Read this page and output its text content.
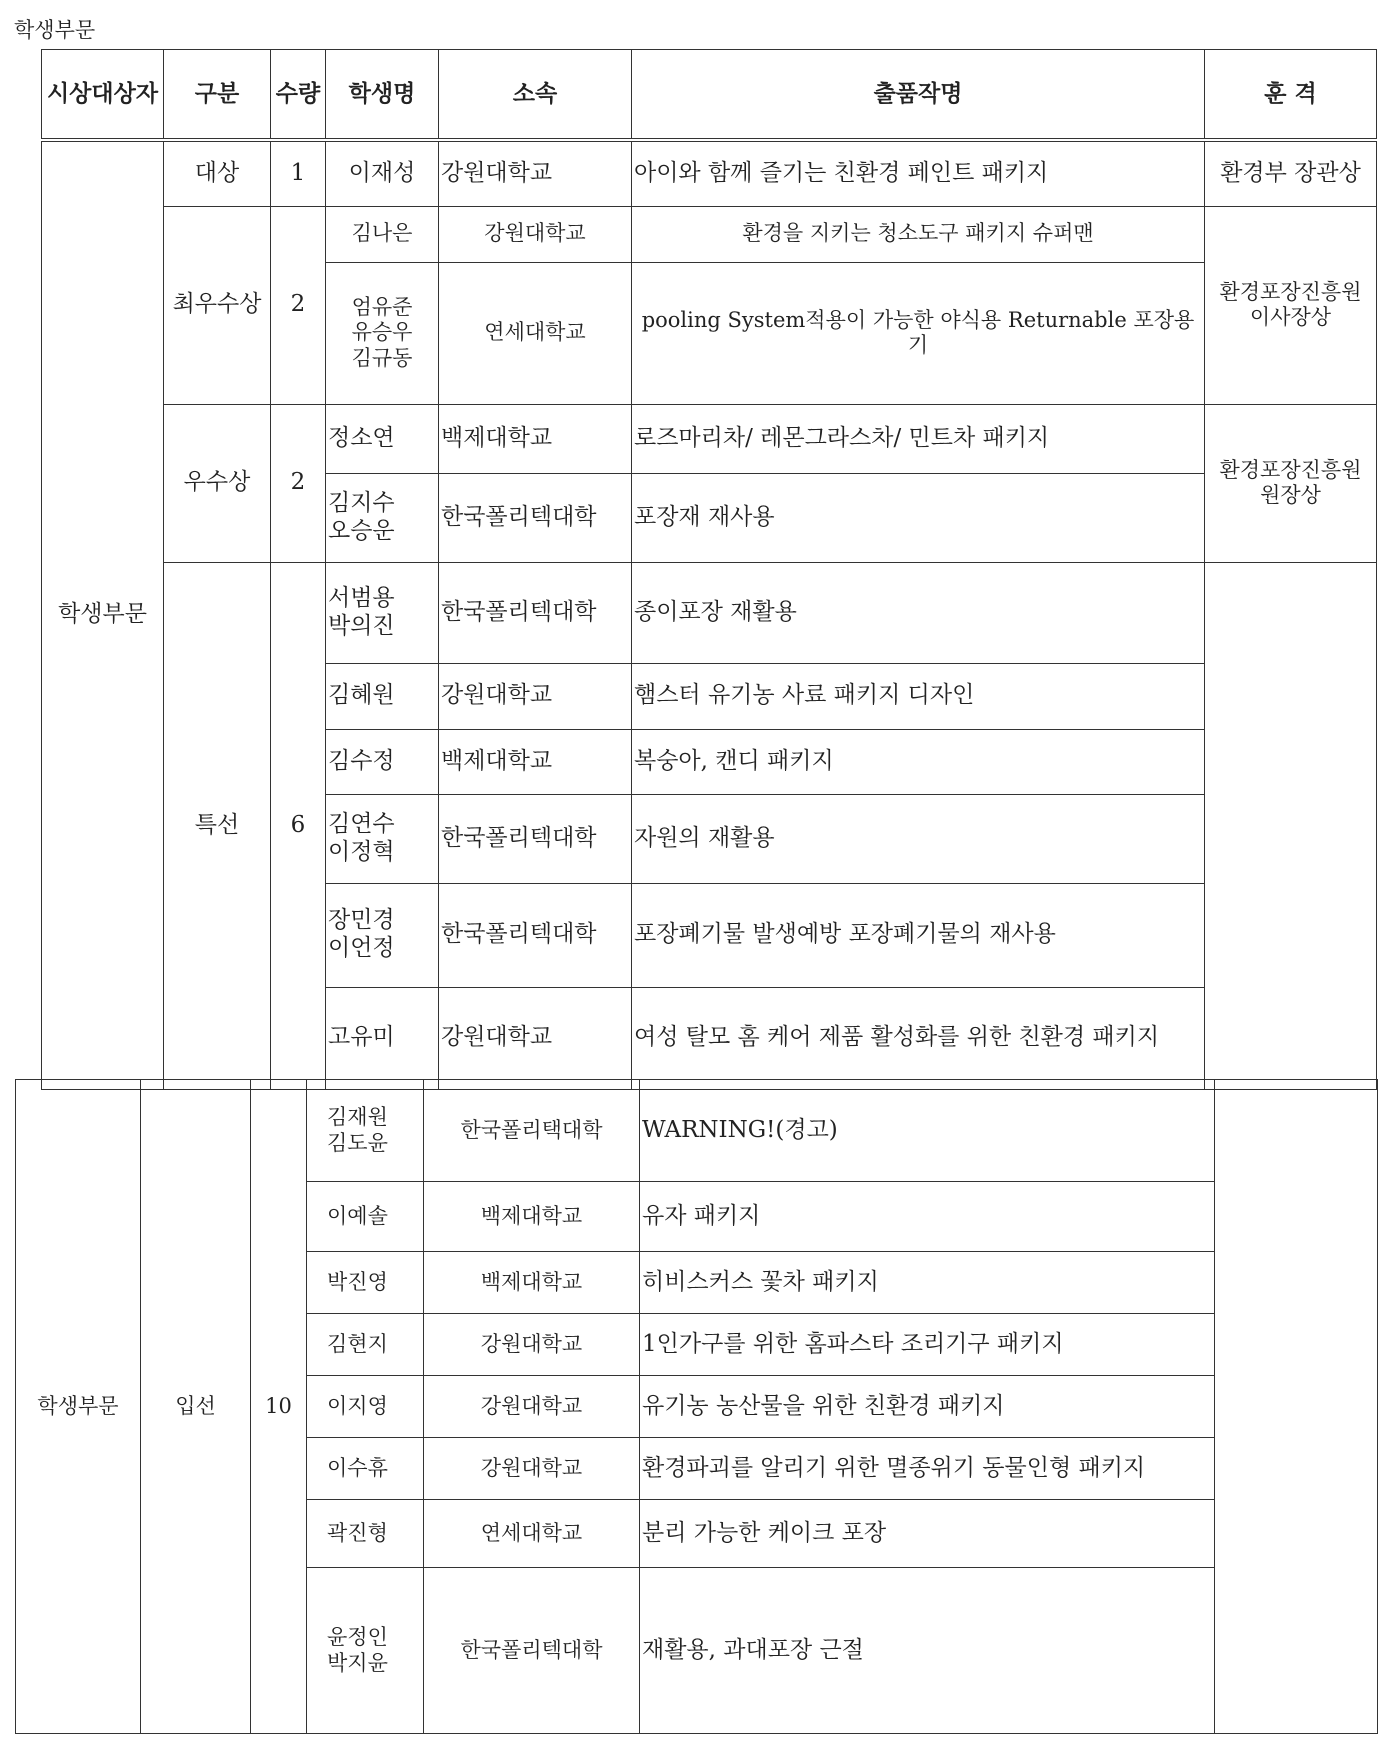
학생부문
시상대상자	구분	수량	학생명	소속	출품작명	훈 격
학생부문	대상	1	이재성	강원대학교	아이와 함께 즐기는 친환경 페인트 패키지	환경부 장관상
	최우수상	2	김나은	강원대학교	환경을 지키는 청소도구 패키지 슈퍼맨	환경포장진흥원 이사장상
			엄유준
유승우
김규동	연세대학교	pooling System적용이 가능한 야식용 Returnable 포장용기	
	우수상	2	정소연	백제대학교	로즈마리차/ 레몬그라스차/ 민트차 패키지	환경포장진흥원 원장상
			김지수
오승운	한국폴리텍대학	포장재 재사용	
	특선	6	서범용
박의진	한국폴리텍대학	종이포장 재활용	
			김혜원	강원대학교	햄스터 유기농 사료 패키지 디자인	
			김수정	백제대학교	복숭아, 캔디 패키지	
			김연수
이정혁	한국폴리텍대학	자원의 재활용	
			장민경
이언정	한국폴리텍대학	포장폐기물 발생예방 포장폐기물의 재사용	
			고유미	강원대학교	여성 탈모 홈 케어 제품 활성화를 위한 친환경 패키지	
학생부문	입선	10	김재원
김도윤	한국폴리택대학	WARNING!(경고)	
			이예솔	백제대학교	유자 패키지	
			박진영	백제대학교	히비스커스 꽃차 패키지	
			김현지	강원대학교	1인가구를 위한 홈파스타 조리기구 패키지	
			이지영	강원대학교	유기농 농산물을 위한 친환경 패키지	
			이수휴	강원대학교	환경파괴를 알리기 위한 멸종위기 동물인형 패키지	
			곽진형	연세대학교	분리 가능한 케이크 포장	
			윤정인
박지윤	한국폴리텍대학	재활용, 과대포장 근절	
